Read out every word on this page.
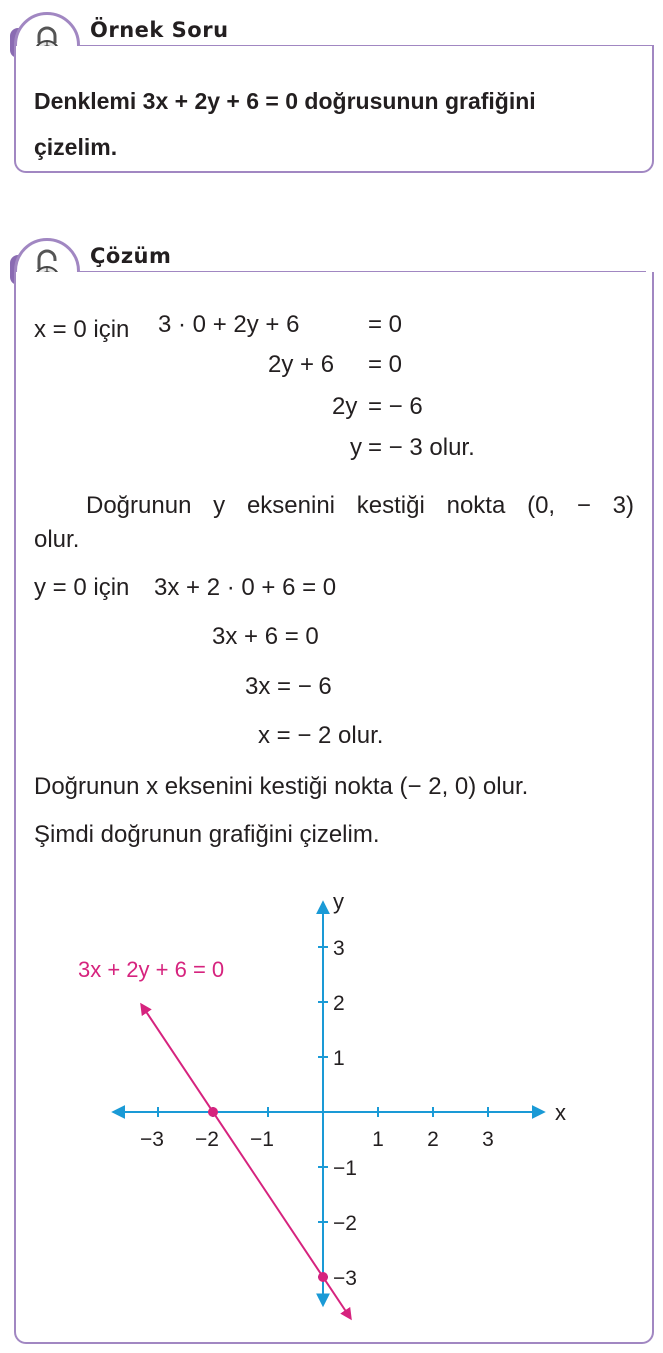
Örnek Soru
Denklemi 3x + 2y + 6 = 0 doğrusunun grafiğini
çizelim.
Çözüm
x = 0 için 3 · 0 + 2y + 6	= 0
2y + 6 = 0
2y = − 6
y = − 3 olur.
Doğrunun y eksenini kestiği nokta (0, − 3)
olur.
y = 0 için 3x + 2 · 0 + 6 = 0
3x + 6 = 0
3x = − 6
x = − 2 olur.
Doğrunun x eksenini kestiği nokta (− 2, 0) olur.
Şimdi doğrunun grafiğini çizelim.
x
y
−3 −2 −1	1 2 3
−3
−2
−1
1
2
3
3x + 2y + 6 = 0
